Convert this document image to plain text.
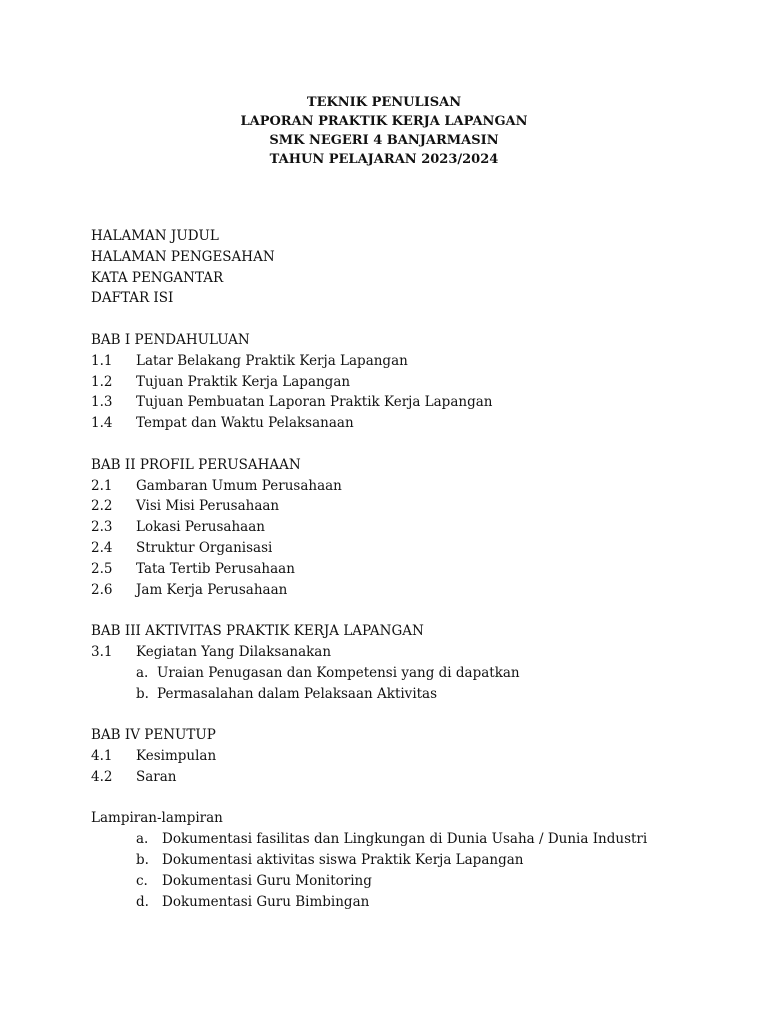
TEKNIK PENULISAN
LAPORAN PRAKTIK KERJA LAPANGAN
SMK NEGERI 4 BANJARMASIN
TAHUN PELAJARAN 2023/2024
HALAMAN JUDUL
HALAMAN PENGESAHAN
KATA PENGANTAR
DAFTAR ISI
BAB I PENDAHULUAN
1.1 Latar Belakang Praktik Kerja Lapangan
1.2 Tujuan Praktik Kerja Lapangan
1.3 Tujuan Pembuatan Laporan Praktik Kerja Lapangan
1.4 Tempat dan Waktu Pelaksanaan
BAB II PROFIL PERUSAHAAN
2.1 Gambaran Umum Perusahaan
2.2 Visi Misi Perusahaan
2.3 Lokasi Perusahaan
2.4 Struktur Organisasi
2.5 Tata Tertib Perusahaan
2.6 Jam Kerja Perusahaan
BAB III AKTIVITAS PRAKTIK KERJA LAPANGAN
3.1 Kegiatan Yang Dilaksanakan
a. Uraian Penugasan dan Kompetensi yang di dapatkan
b. Permasalahan dalam Pelaksaan Aktivitas
BAB IV PENUTUP
4.1 Kesimpulan
4.2 Saran
Lampiran-lampiran
a. Dokumentasi fasilitas dan Lingkungan di Dunia Usaha / Dunia Industri
b. Dokumentasi aktivitas siswa Praktik Kerja Lapangan
c. Dokumentasi Guru Monitoring
d. Dokumentasi Guru Bimbingan
